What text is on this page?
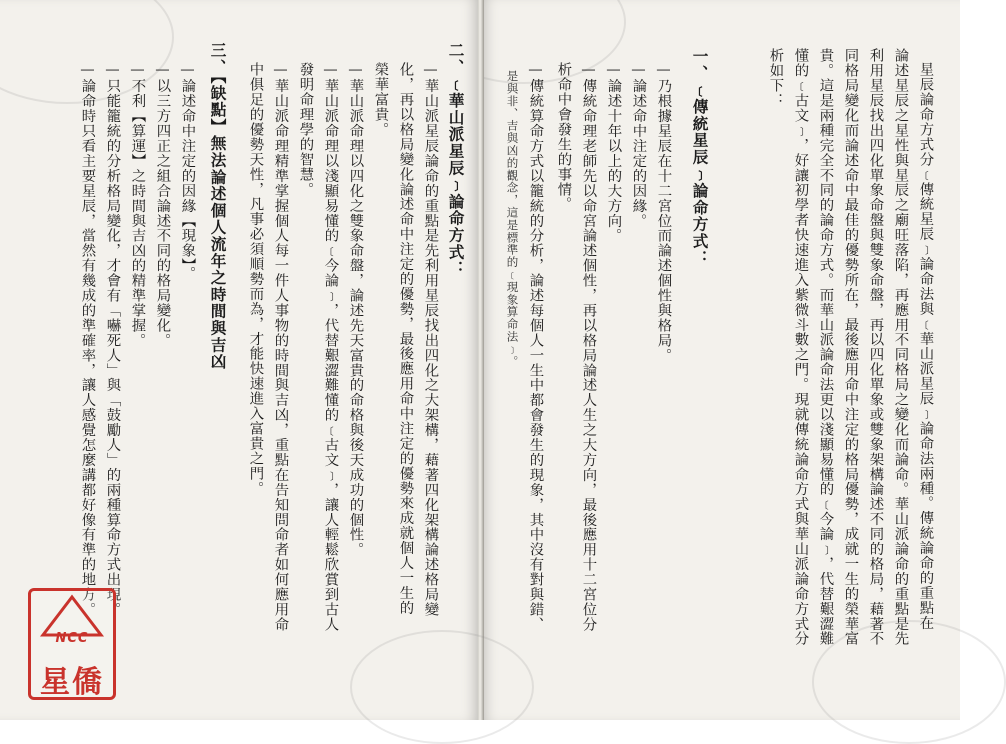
星辰論命方式分﹝傳統星辰﹞論命法與﹝華山派星辰﹞論命法兩種。傳統論命的重點在
論述星辰之星性與星辰之廟旺落陷，再應用不同格局之變化而論命。華山派論命的重點是先
利用星辰找出四化單象命盤與雙象命盤，再以四化單象或雙象架構論述不同的格局，藉著不
同格局變化而論述命中最佳的優勢所在，最後應用命中注定的格局優勢，成就一生的榮華富
貴。這是兩種完全不同的論命方式。而華山派論命法更以淺顯易懂的﹝今論﹞，代替艱澀難
懂的﹝古文﹞，好讓初學者快速進入紫微斗數之門。現就傳統論命方式與華山派論命方式分
析如下：
一、﹝傳統星辰﹞論命方式：
—乃根據星辰在十二宮位而論述個性與格局。
—論述命中注定的因緣。
—論述十年以上的大方向。
—傳統命理老師先以命宮論述個性，再以格局論述人生之大方向，最後應用十二宮位分
析命中會發生的事情。
—傳統算命方式以籠統的分析，論述每個人一生中都會發生的現象，其中沒有對與錯、
是與非、吉與凶的觀念，這是標準的﹝現象算命法﹞。
二、﹝華山派星辰﹞論命方式：
—華山派星辰論命的重點是先利用星辰找出四化之大架構，藉著四化架構論述格局變
化，再以格局變化論述命中注定的優勢，最後應用命中注定的優勢來成就個人一生的
榮華富貴。
—華山派命理以四化之雙象命盤，論述先天富貴的命格與後天成功的個性。
—華山派命理以淺顯易懂的﹝今論﹞，代替艱澀難懂的﹝古文﹞，讓人輕鬆欣賞到古人
發明命理學的智慧。
—華山派命理精準掌握個人每一件人事物的時間與吉凶，重點在告知問命者如何應用命
中俱足的優勢天性，凡事必須順勢而為，才能快速進入富貴之門。
三、【缺點】無法論述個人流年之時間與吉凶
—論述命中注定的因緣【現象】。
—以三方四正之組合論述不同的格局變化。
—不利【算運】之時間與吉凶的精準掌握。
—只能籠統的分析格局變化，才會有「嚇死人」與「鼓勵人」的兩種算命方式出現。
—論命時只看主要星辰，當然有幾成的準確率，讓人感覺怎麼講都好像有準的地方。
NCC
星僑
